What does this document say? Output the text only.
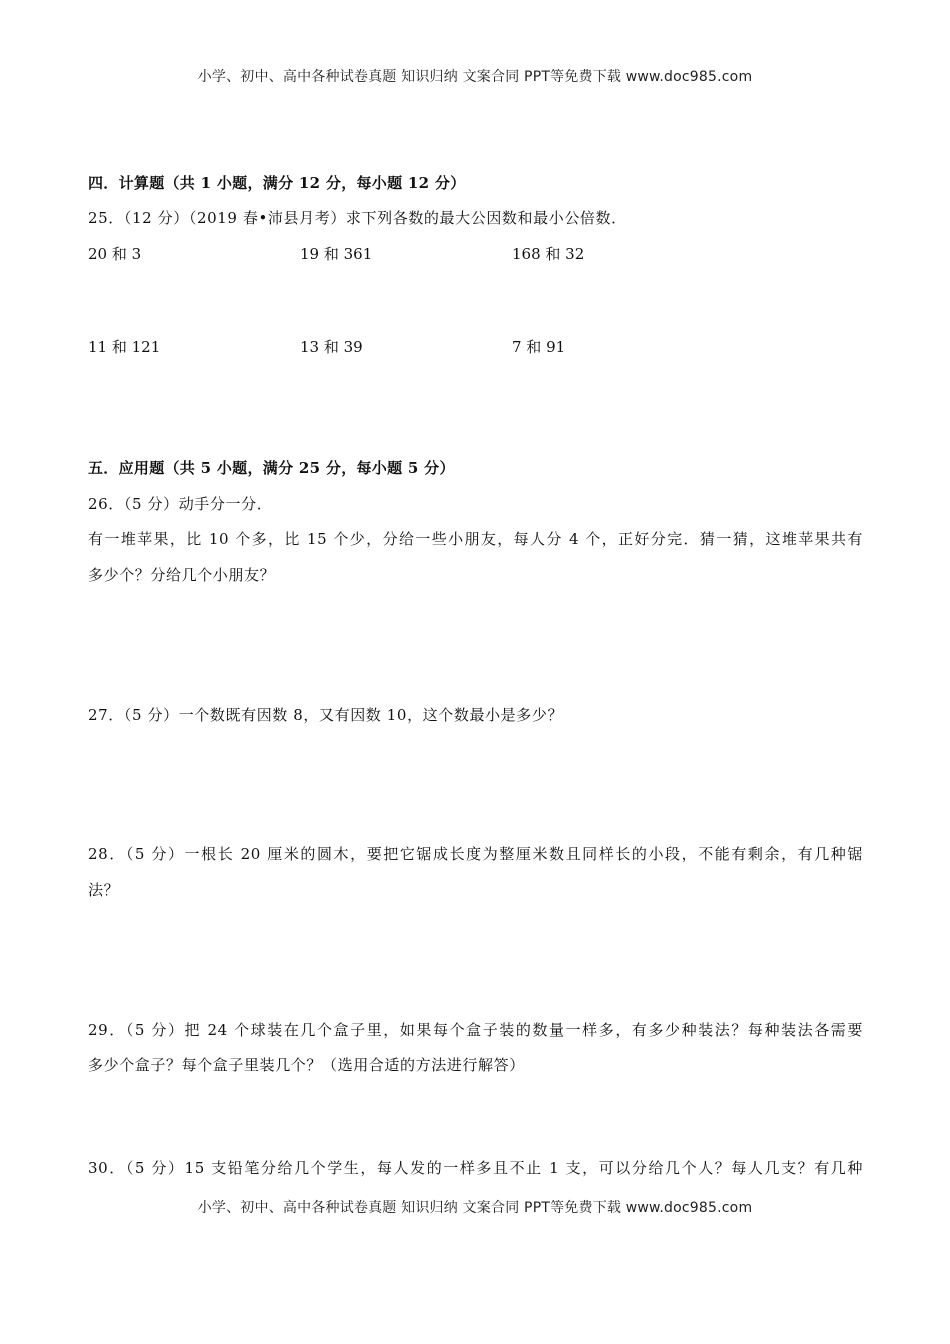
小学、初中、高中各种试卷真题 知识归纳 文案合同 PPT等免费下载 www.doc985.com
四．计算题（共 1 小题，满分 12 分，每小题 12 分）
25．（12 分）（2019 春•沛县月考）求下列各数的最大公因数和最小公倍数．
20 和 3	19 和 361	168 和 32
11 和 121	13 和 39	7 和 91
五．应用题（共 5 小题，满分 25 分，每小题 5 分）
26．（5 分）动手分一分．
有一堆苹果，比 10 个多，比 15 个少，分给一些小朋友，每人分 4 个，正好分完．猜一猜，这堆苹果共有
多少个？分给几个小朋友？
27．（5 分）一个数既有因数 8，又有因数 10，这个数最小是多少？
28．（5 分）一根长 20 厘米的圆木，要把它锯成长度为整厘米数且同样长的小段，不能有剩余，有几种锯
法？
29．（5 分）把 24 个球装在几个盒子里，如果每个盒子装的数量一样多，有多少种装法？每种装法各需要
多少个盒子？每个盒子里装几个？（选用合适的方法进行解答）
30．（5 分）15 支铅笔分给几个学生，每人发的一样多且不止 1 支，可以分给几个人？每人几支？有几种
小学、初中、高中各种试卷真题 知识归纳 文案合同 PPT等免费下载 www.doc985.com
